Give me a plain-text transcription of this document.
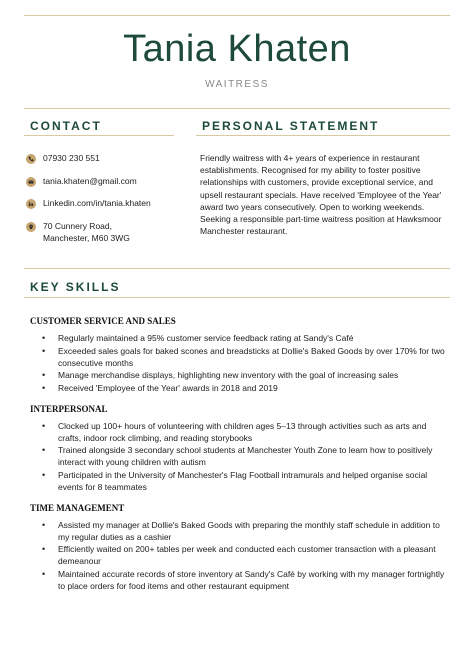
Tania Khaten
WAITRESS
CONTACT
07930 230 551
tania.khaten@gmail.com
Linkedin.com/in/tania.khaten
70 Cunnery Road,
Manchester, M60 3WG
PERSONAL STATEMENT
Friendly waitress with 4+ years of experience in restaurant establishments. Recognised for my ability to foster positive relationships with customers, provide exceptional service, and upsell restaurant specials. Have received 'Employee of the Year' award two years consecutively. Open to working weekends. Seeking a responsible part-time waitress position at Hawksmoor Manchester restaurant.
KEY SKILLS
CUSTOMER SERVICE AND SALES
• Regularly maintained a 95% customer service feedback rating at Sandy's Café
• Exceeded sales goals for baked scones and breadsticks at Dollie's Baked Goods by over 170% for two consecutive months
• Manage merchandise displays, highlighting new inventory with the goal of increasing sales
• Received 'Employee of the Year' awards in 2018 and 2019
INTERPERSONAL
• Clocked up 100+ hours of volunteering with children ages 5–13 through activities such as arts and crafts, indoor rock climbing, and reading storybooks
• Trained alongside 3 secondary school students at Manchester Youth Zone to learn how to positively interact with young children with autism
• Participated in the University of Manchester's Flag Football intramurals and helped organise social events for 8 teammates
TIME MANAGEMENT
• Assisted my manager at Dollie's Baked Goods with preparing the monthly staff schedule in addition to my regular duties as a cashier
• Efficiently waited on 200+ tables per week and conducted each customer transaction with a pleasant demeanour
• Maintained accurate records of store inventory at Sandy's Café by working with my manager fortnightly to place orders for food items and other restaurant equipment
